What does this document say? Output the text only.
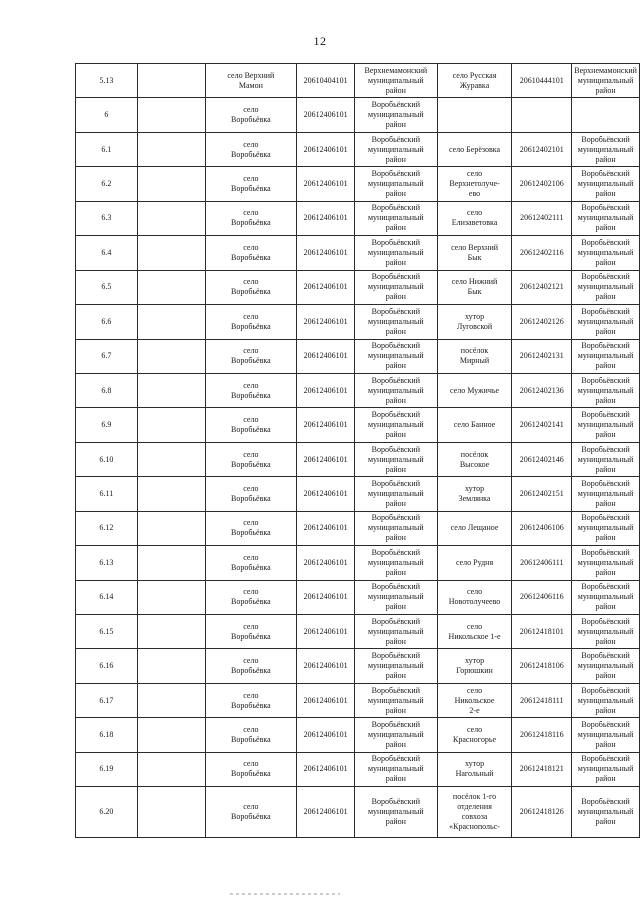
12
5.13		село Верхний
Мамон	20610404101	Верхнемамонский
муниципальный
район	село Русская
Журавка	20610444101	Верхнемамонский
муниципальный
район
6		село
Воробьёвка	20612406101	Воробьёвский
муниципальный
район			
6.1		село
Воробьёвка	20612406101	Воробьёвский
муниципальный
район	село Берёзовка	20612402101	Воробьёвский
муниципальный
район
6.2		село
Воробьёвка	20612406101	Воробьёвский
муниципальный
район	село
Верхнетолуче-
ево	20612402106	Воробьёвский
муниципальный
район
6.3		село
Воробьёвка	20612406101	Воробьёвский
муниципальный
район	село
Елизаветовка	20612402111	Воробьёвский
муниципальный
район
6.4		село
Воробьёвка	20612406101	Воробьёвский
муниципальный
район	село Верхний
Бык	20612402116	Воробьёвский
муниципальный
район
6.5		село
Воробьёвка	20612406101	Воробьёвский
муниципальный
район	село Нижний
Бык	20612402121	Воробьёвский
муниципальный
район
6.6		село
Воробьёвка	20612406101	Воробьёвский
муниципальный
район	хутор
Луговской	20612402126	Воробьёвский
муниципальный
район
6.7		село
Воробьёвка	20612406101	Воробьёвский
муниципальный
район	посёлок
Мирный	20612402131	Воробьёвский
муниципальный
район
6.8		село
Воробьёвка	20612406101	Воробьёвский
муниципальный
район	село Мужичье	20612402136	Воробьёвский
муниципальный
район
6.9		село
Воробьёвка	20612406101	Воробьёвский
муниципальный
район	село Банное	20612402141	Воробьёвский
муниципальный
район
6.10		село
Воробьёвка	20612406101	Воробьёвский
муниципальный
район	посёлок
Высокое	20612402146	Воробьёвский
муниципальный
район
6.11		село
Воробьёвка	20612406101	Воробьёвский
муниципальный
район	хутор
Землянка	20612402151	Воробьёвский
муниципальный
район
6.12		село
Воробьёвка	20612406101	Воробьёвский
муниципальный
район	село Лещаное	20612406106	Воробьёвский
муниципальный
район
6.13		село
Воробьёвка	20612406101	Воробьёвский
муниципальный
район	село Рудня	20612406111	Воробьёвский
муниципальный
район
6.14		село
Воробьёвка	20612406101	Воробьёвский
муниципальный
район	село
Новотолучеево	20612406116	Воробьёвский
муниципальный
район
6.15		село
Воробьёвка	20612406101	Воробьёвский
муниципальный
район	село
Никольское 1-е	20612418101	Воробьёвский
муниципальный
район
6.16		село
Воробьёвка	20612406101	Воробьёвский
муниципальный
район	хутор
Горюшкин	20612418106	Воробьёвский
муниципальный
район
6.17		село
Воробьёвка	20612406101	Воробьёвский
муниципальный
район	село
Никольское
2-е	20612418111	Воробьёвский
муниципальный
район
6.18		село
Воробьёвка	20612406101	Воробьёвский
муниципальный
район	село
Красногорье	20612418116	Воробьёвский
муниципальный
район
6.19		село
Воробьёвка	20612406101	Воробьёвский
муниципальный
район	хутор
Нагольный	20612418121	Воробьёвский
муниципальный
район
6.20		село
Воробьёвка	20612406101	Воробьёвский
муниципальный
район	посёлок 1-го
отделения
совхоза
«Краснопольс-	20612418126	Воробьёвский
муниципальный
район
